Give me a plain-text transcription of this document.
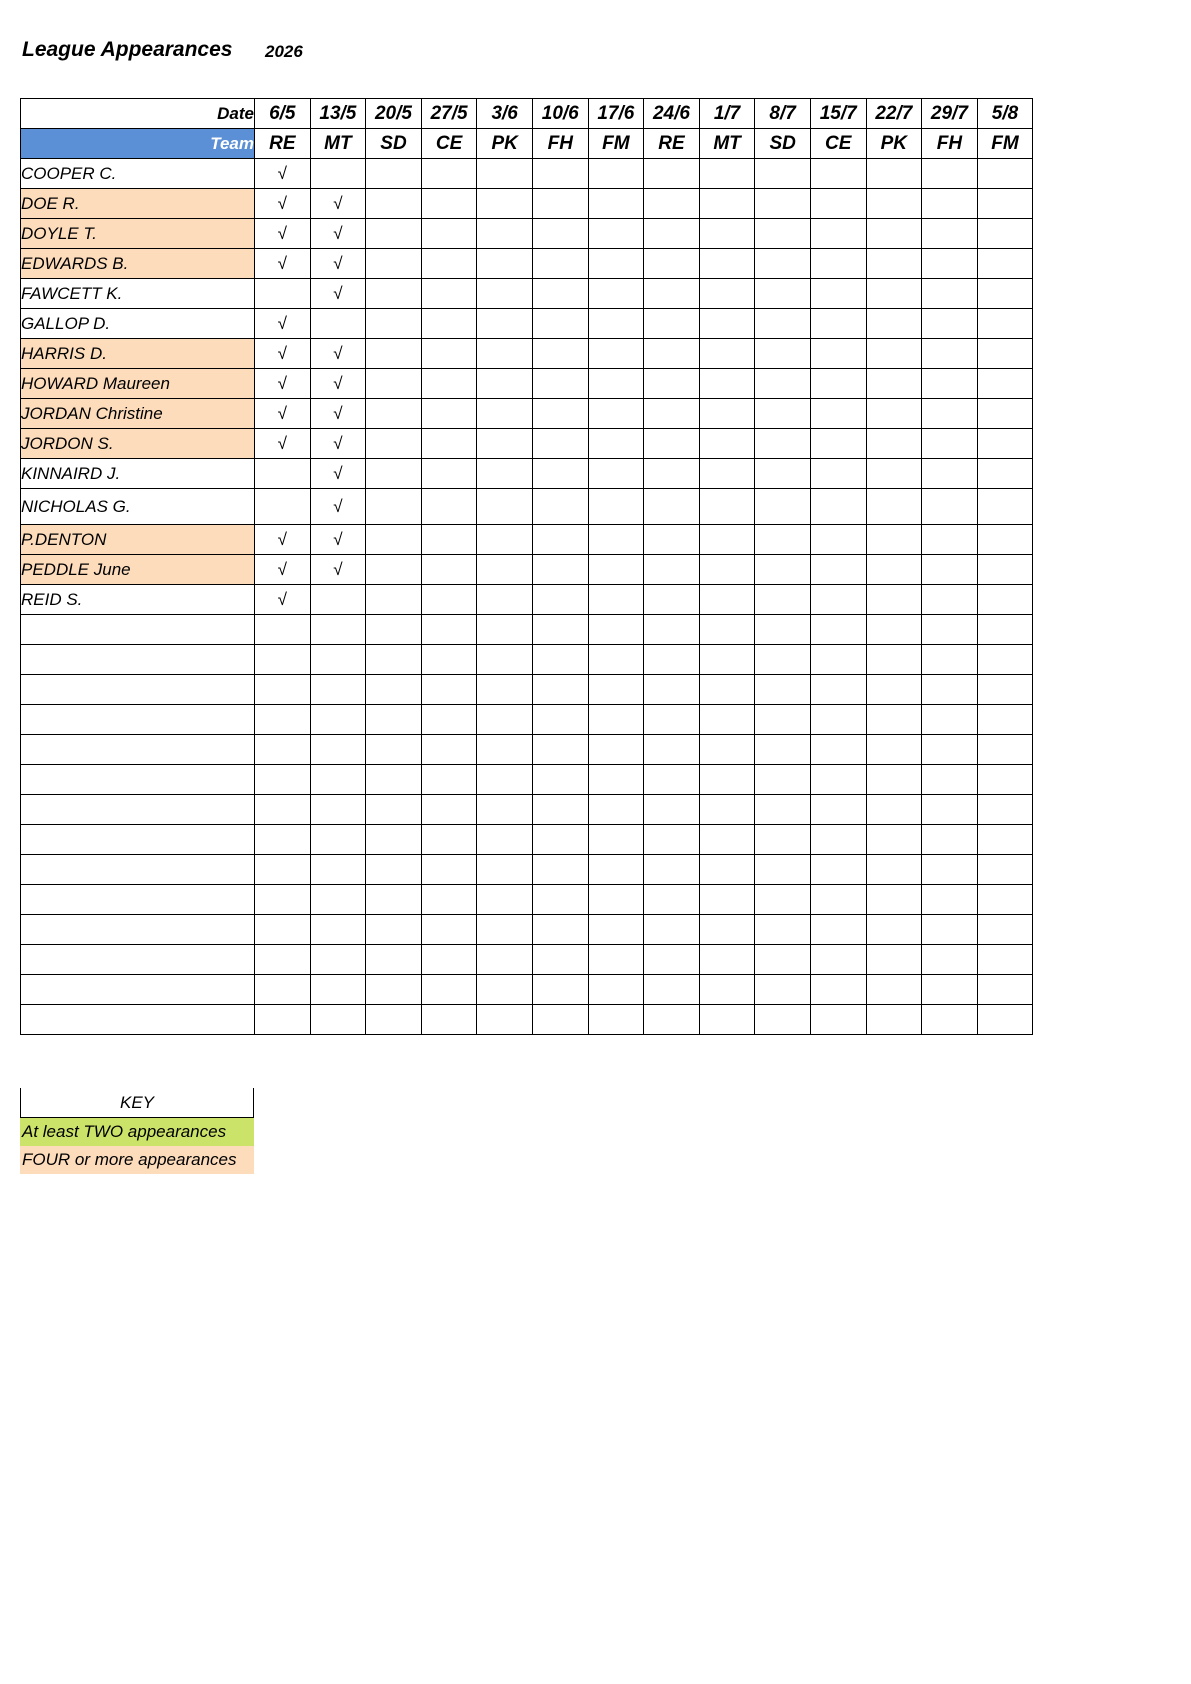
League Appearances 2026
Date	6/5	13/5	20/5	27/5	3/6	10/6	17/6	24/6	1/7	8/7	15/7	22/7	29/7	5/8
Team	RE	MT	SD	CE	PK	FH	FM	RE	MT	SD	CE	PK	FH	FM
COOPER C.	√													
DOE R.	√	√												
DOYLE T.	√	√												
EDWARDS B.	√	√												
FAWCETT K.		√												
GALLOP D.	√													
HARRIS D.	√	√												
HOWARD Maureen	√	√												
JORDAN Christine	√	√												
JORDON S.	√	√												
KINNAIRD J.		√												
NICHOLAS G.		√												
P.DENTON	√	√												
PEDDLE June	√	√												
REID S.	√													

KEY
At least TWO appearances
FOUR or more appearances
